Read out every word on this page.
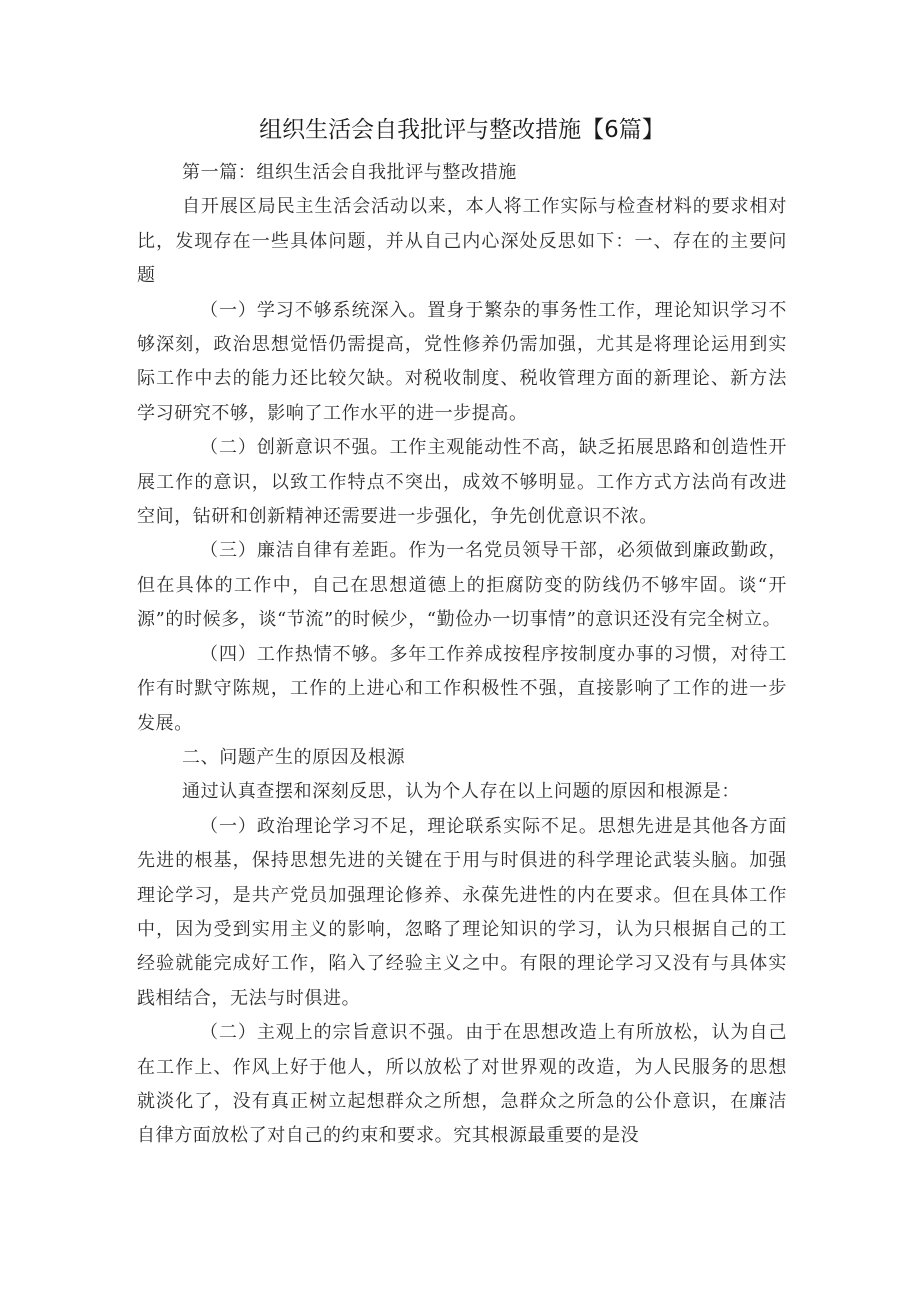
组织生活会自我批评与整改措施【6篇】

第一篇：组织生活会自我批评与整改措施

自开展区局民主生活会活动以来，本人将工作实际与检查材料的要求相对比，发现存在一些具体问题，并从自己内心深处反思如下：一、存在的主要问题

（一）学习不够系统深入。置身于繁杂的事务性工作，理论知识学习不够深刻，政治思想觉悟仍需提高，党性修养仍需加强，尤其是将理论运用到实际工作中去的能力还比较欠缺。对税收制度、税收管理方面的新理论、新方法学习研究不够，影响了工作水平的进一步提高。

（二）创新意识不强。工作主观能动性不高，缺乏拓展思路和创造性开展工作的意识，以致工作特点不突出，成效不够明显。工作方式方法尚有改进空间，钻研和创新精神还需要进一步强化，争先创优意识不浓。

（三）廉洁自律有差距。作为一名党员领导干部，必须做到廉政勤政，但在具体的工作中，自己在思想道德上的拒腐防变的防线仍不够牢固。谈“开源”的时候多，谈“节流”的时候少，“勤俭办一切事情”的意识还没有完全树立。

（四）工作热情不够。多年工作养成按程序按制度办事的习惯，对待工作有时默守陈规，工作的上进心和工作积极性不强，直接影响了工作的进一步发展。

二、问题产生的原因及根源

通过认真查摆和深刻反思，认为个人存在以上问题的原因和根源是：

（一）政治理论学习不足，理论联系实际不足。思想先进是其他各方面先进的根基，保持思想先进的关键在于用与时俱进的科学理论武装头脑。加强理论学习，是共产党员加强理论修养、永葆先进性的内在要求。但在具体工作中，因为受到实用主义的影响，忽略了理论知识的学习，认为只根据自己的工经验就能完成好工作，陷入了经验主义之中。有限的理论学习又没有与具体实践相结合，无法与时俱进。

（二）主观上的宗旨意识不强。由于在思想改造上有所放松，认为自己在工作上、作风上好于他人，所以放松了对世界观的改造，为人民服务的思想就淡化了，没有真正树立起想群众之所想，急群众之所急的公仆意识，在廉洁自律方面放松了对自己的约束和要求。究其根源最重要的是没
